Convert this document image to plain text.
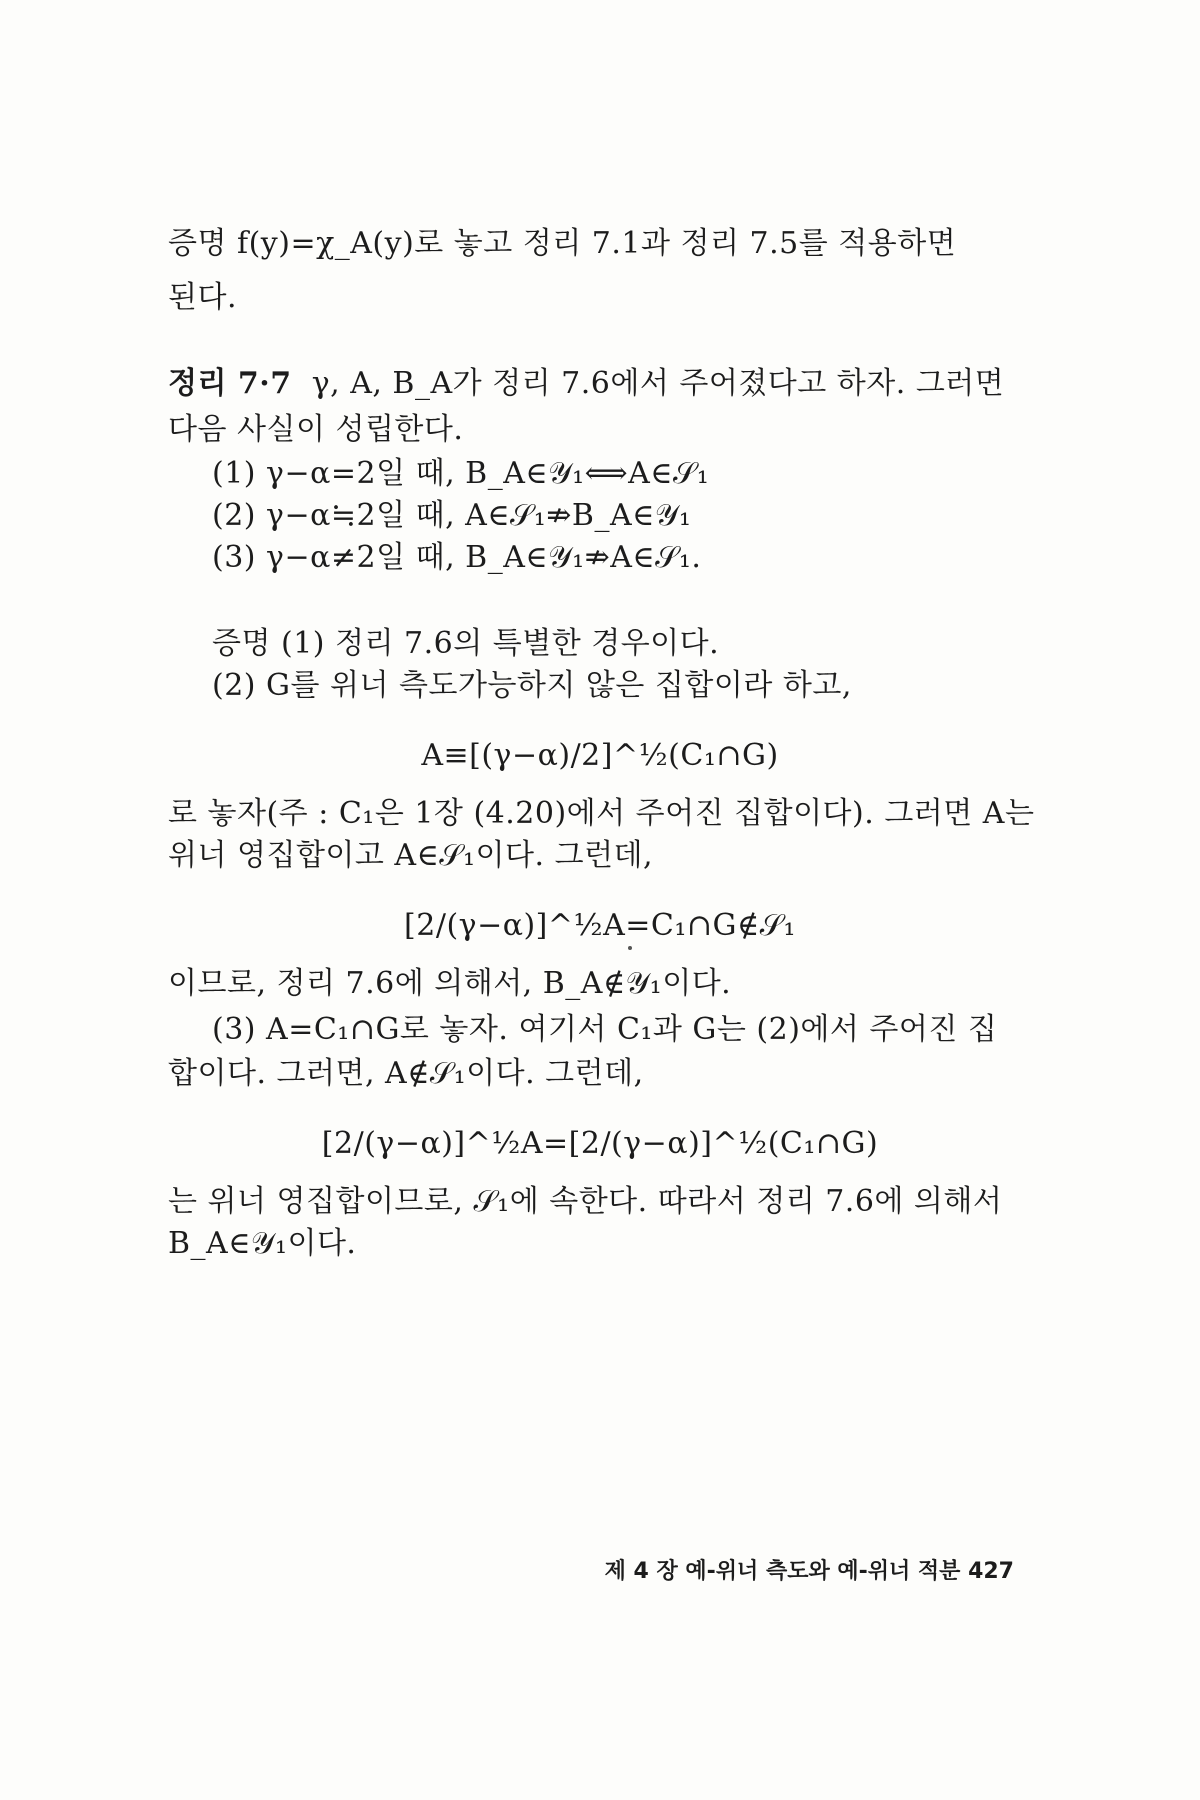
증명 f(y)=χ_A(y)로 놓고 정리 7.1과 정리 7.5를 적용하면
된다.
정리 7·7 γ, A, B_A가 정리 7.6에서 주어졌다고 하자. 그러면
다음 사실이 성립한다.
(1) γ−α=2일 때, B_A∈𝒴₁⟺A∈𝒮₁
(2) γ−α≒2일 때, A∈𝒮₁⇏B_A∈𝒴₁
(3) γ−α≠2일 때, B_A∈𝒴₁⇏A∈𝒮₁.
증명 (1) 정리 7.6의 특별한 경우이다.
(2) G를 위너 측도가능하지 않은 집합이라 하고,
A≡[(γ−α)/2]^½(C₁∩G)
로 놓자(주 : C₁은 1장 (4.20)에서 주어진 집합이다). 그러면 A는
위너 영집합이고 A∈𝒮₁이다. 그런데,
[2/(γ−α)]^½A=C₁∩G∉𝒮₁
이므로, 정리 7.6에 의해서, B_A∉𝒴₁이다.
(3) A=C₁∩G로 놓자. 여기서 C₁과 G는 (2)에서 주어진 집
합이다. 그러면, A∉𝒮₁이다. 그런데,
[2/(γ−α)]^½A=[2/(γ−α)]^½(C₁∩G)
는 위너 영집합이므로, 𝒮₁에 속한다. 따라서 정리 7.6에 의해서
B_A∈𝒴₁이다.
제 4 장 예-위너 측도와 예-위너 적분 427
